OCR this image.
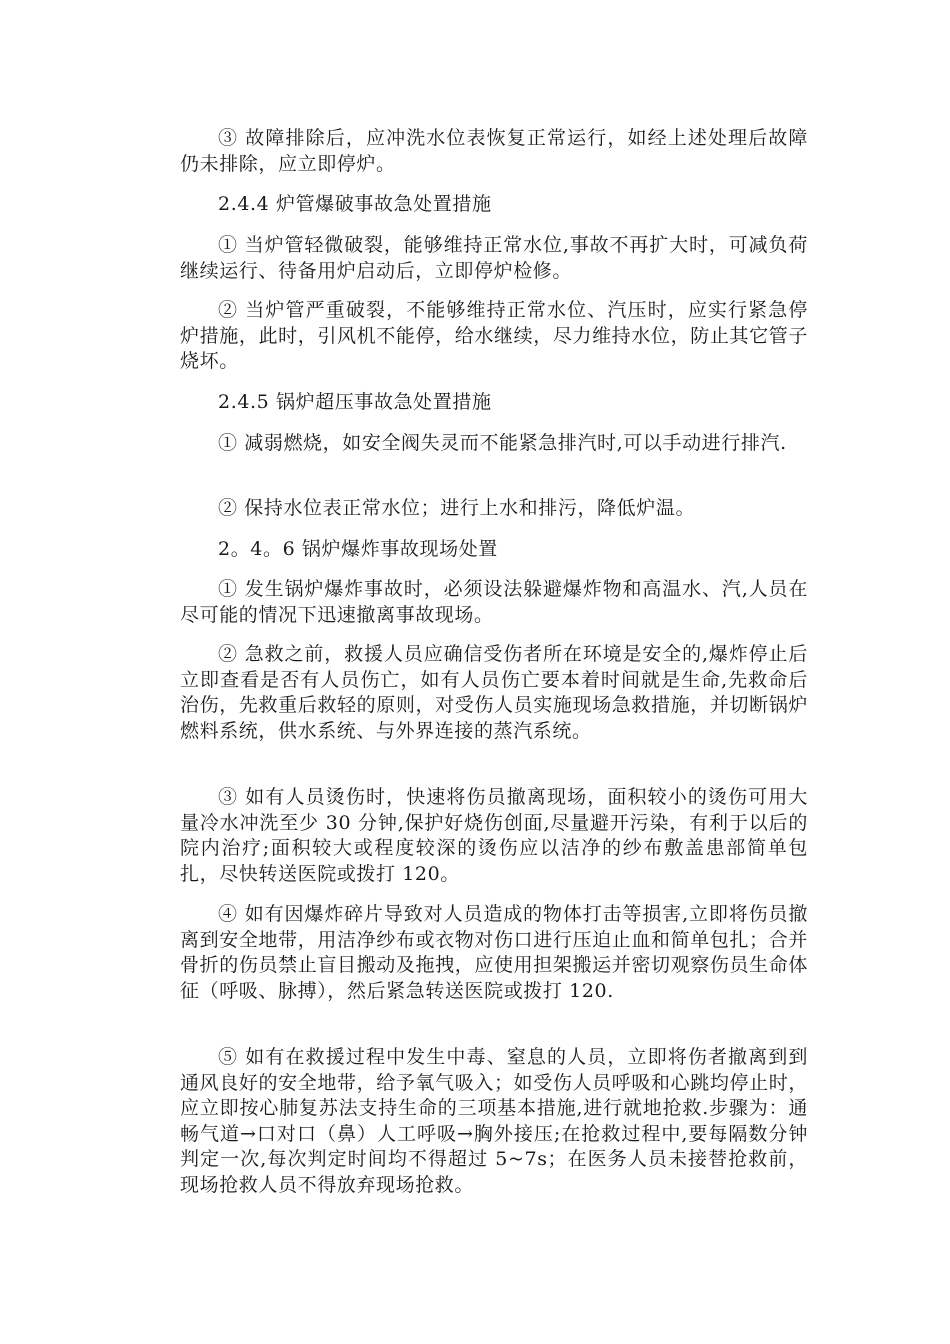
③ 故障排除后，应冲洗水位表恢复正常运行，如经上述处理后故障仍未排除，应立即停炉。

2.4.4 炉管爆破事故急处置措施

① 当炉管轻微破裂，能够维持正常水位,事故不再扩大时，可减负荷继续运行、待备用炉启动后，立即停炉检修。

② 当炉管严重破裂，不能够维持正常水位、汽压时，应实行紧急停炉措施，此时，引风机不能停，给水继续，尽力维持水位，防止其它管子烧坏。

2.4.5 锅炉超压事故急处置措施

① 减弱燃烧，如安全阀失灵而不能紧急排汽时,可以手动进行排汽.

② 保持水位表正常水位；进行上水和排污，降低炉温。

2。4。6 锅炉爆炸事故现场处置

① 发生锅炉爆炸事故时，必须设法躲避爆炸物和高温水、汽,人员在尽可能的情况下迅速撤离事故现场。

② 急救之前，救援人员应确信受伤者所在环境是安全的,爆炸停止后立即查看是否有人员伤亡，如有人员伤亡要本着时间就是生命,先救命后治伤，先救重后救轻的原则，对受伤人员实施现场急救措施，并切断锅炉燃料系统，供水系统、与外界连接的蒸汽系统。

③ 如有人员烫伤时，快速将伤员撤离现场，面积较小的烫伤可用大量冷水冲洗至少 30 分钟,保护好烧伤创面,尽量避开污染，有利于以后的院内治疗;面积较大或程度较深的烫伤应以洁净的纱布敷盖患部简单包扎，尽快转送医院或拨打 120。

④ 如有因爆炸碎片导致对人员造成的物体打击等损害,立即将伤员撤离到安全地带，用洁净纱布或衣物对伤口进行压迫止血和简单包扎；合并骨折的伤员禁止盲目搬动及拖拽，应使用担架搬运并密切观察伤员生命体征（呼吸、脉搏），然后紧急转送医院或拨打 120.

⑤ 如有在救援过程中发生中毒、窒息的人员，立即将伤者撤离到到通风良好的安全地带，给予氧气吸入；如受伤人员呼吸和心跳均停止时，应立即按心肺复苏法支持生命的三项基本措施,进行就地抢救.步骤为：通畅气道→口对口（鼻）人工呼吸→胸外接压;在抢救过程中,要每隔数分钟判定一次,每次判定时间均不得超过 5~7s；在医务人员未接替抢救前，现场抢救人员不得放弃现场抢救。
